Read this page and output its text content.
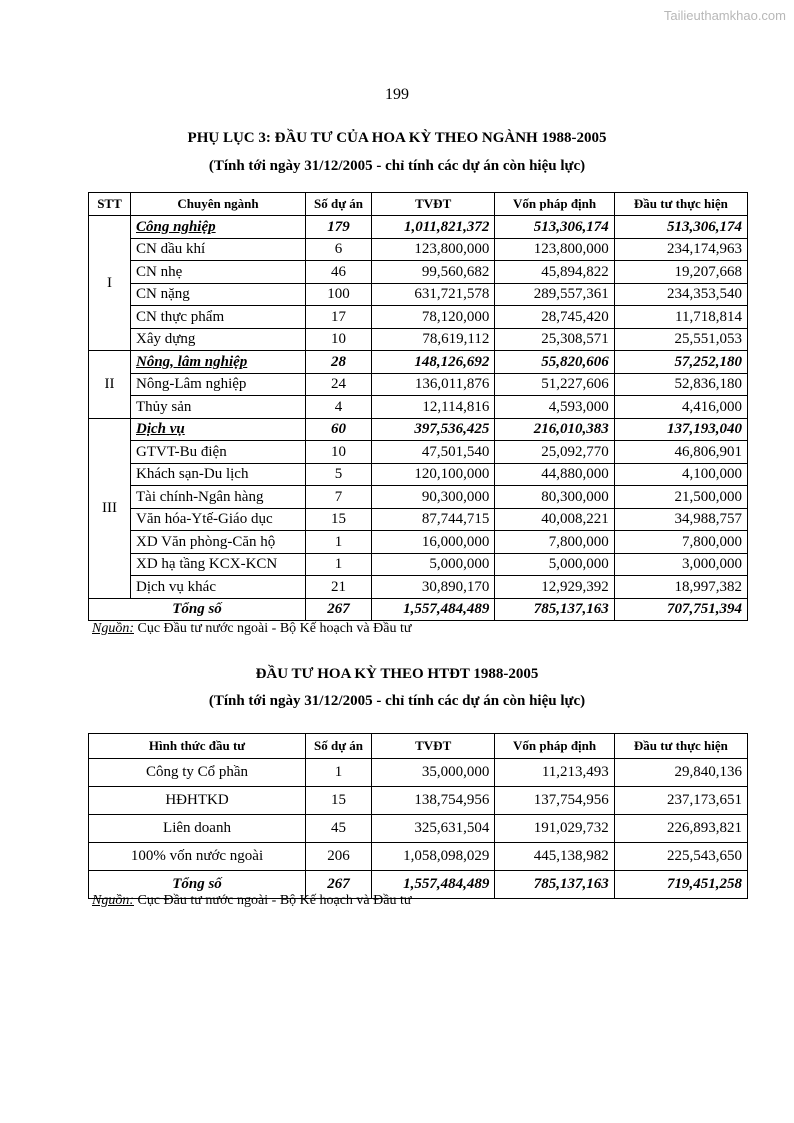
Tailieuthamkhao.com
199
PHỤ LỤC 3: ĐẦU TƯ CỦA HOA KỲ THEO NGÀNH 1988-2005
(Tính tới ngày 31/12/2005 - chỉ tính các dự án còn hiệu lực)
STT	Chuyên ngành	Số dự án	TVĐT	Vốn pháp định	Đầu tư thực hiện
I	Công nghiệp	179	1,011,821,372	513,306,174	513,306,174
	CN dầu khí	6	123,800,000	123,800,000	234,174,963
	CN nhẹ	46	99,560,682	45,894,822	19,207,668
	CN nặng	100	631,721,578	289,557,361	234,353,540
	CN thực phẩm	17	78,120,000	28,745,420	11,718,814
	Xây dựng	10	78,619,112	25,308,571	25,551,053
II	Nông, lâm nghiệp	28	148,126,692	55,820,606	57,252,180
	Nông-Lâm nghiệp	24	136,011,876	51,227,606	52,836,180
	Thủy sản	4	12,114,816	4,593,000	4,416,000
III	Dịch vụ	60	397,536,425	216,010,383	137,193,040
	GTVT-Bu điện	10	47,501,540	25,092,770	46,806,901
	Khách sạn-Du lịch	5	120,100,000	44,880,000	4,100,000
	Tài chính-Ngân hàng	7	90,300,000	80,300,000	21,500,000
	Văn hóa-Ytế-Giáo dục	15	87,744,715	40,008,221	34,988,757
	XD Văn phòng-Căn hộ	1	16,000,000	7,800,000	7,800,000
	XD hạ tầng KCX-KCN	1	5,000,000	5,000,000	3,000,000
	Dịch vụ khác	21	30,890,170	12,929,392	18,997,382
Tổng số		267	1,557,484,489	785,137,163	707,751,394
Nguồn: Cục Đầu tư nước ngoài - Bộ Kế hoạch và Đầu tư
ĐẦU TƯ HOA KỲ THEO HTĐT 1988-2005
(Tính tới ngày 31/12/2005 - chỉ tính các dự án còn hiệu lực)
Hình thức đầu tư	Số dự án	TVĐT	Vốn pháp định	Đầu tư thực hiện
Công ty Cổ phần	1	35,000,000	11,213,493	29,840,136
HĐHTKD	15	138,754,956	137,754,956	237,173,651
Liên doanh	45	325,631,504	191,029,732	226,893,821
100% vốn nước ngoài	206	1,058,098,029	445,138,982	225,543,650
Tổng số	267	1,557,484,489	785,137,163	719,451,258
Nguồn: Cục Đầu tư nước ngoài - Bộ Kế hoạch và Đầu tư
